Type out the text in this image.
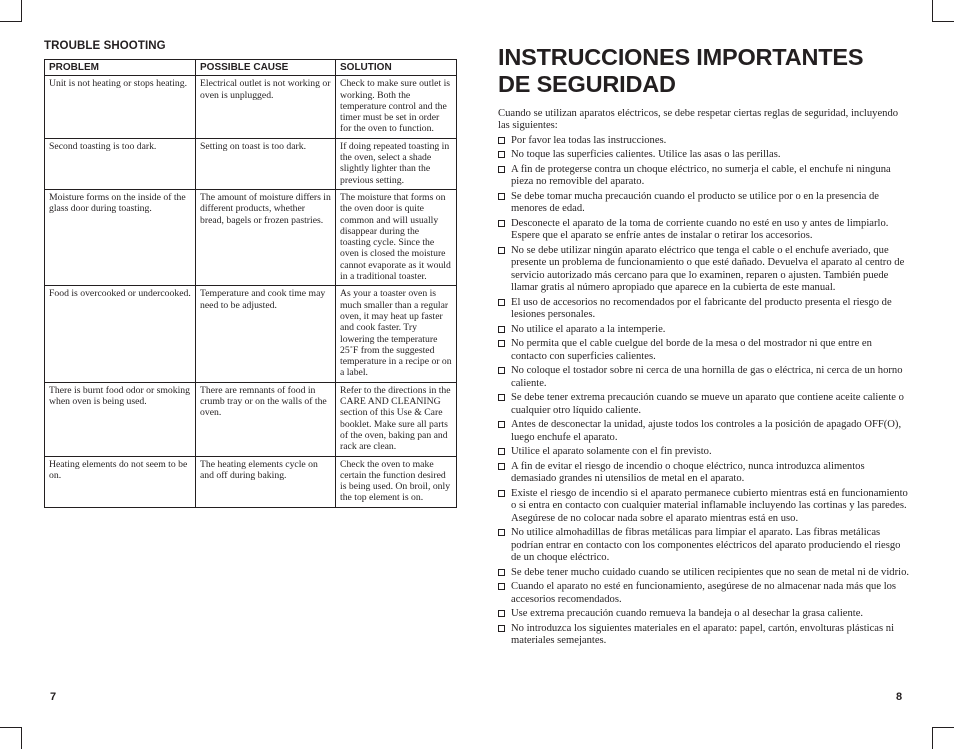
TROUBLE SHOOTING
PROBLEM	POSSIBLE CAUSE	SOLUTION
Unit is not heating or stops heating.	Electrical outlet is not working or oven is unplugged.	Check to make sure outlet is working. Both the temperature control and the timer must be set in order for the oven to function.
Second toasting is too dark.	Setting on toast is too dark.	If doing repeated toasting in the oven, select a shade slightly lighter than the previous setting.
Moisture forms on the inside of the glass door during toasting.	The amount of moisture differs in different products, whether bread, bagels or frozen pastries.	The moisture that forms on the oven door is quite common and will usually disappear during the toasting cycle. Since the oven is closed the moisture cannot evaporate as it would in a traditional toaster.
Food is overcooked or undercooked.	Temperature and cook time may need to be adjusted.	As your a toaster oven is much smaller than a regular oven, it may heat up faster and cook faster. Try lowering the temperature 25˚F from the suggested temperature in a recipe or on a label.
There is burnt food odor or smoking when oven is being used.	There are remnants of food in crumb tray or on the walls of the oven.	Refer to the directions in the CARE AND CLEANING section of this Use & Care booklet. Make sure all parts of the oven, baking pan and rack are clean.
Heating elements do not seem to be on.	The heating elements cycle on and off during baking.	Check the oven to make certain the function desired is being used. On broil, only the top element is on.
7
INSTRUCCIONES IMPORTANTES
DE SEGURIDAD

Cuando se utilizan aparatos eléctricos, se debe respetar ciertas reglas de seguridad, incluyendo las siguientes:

Por favor lea todas las instrucciones.
No toque las superficies calientes. Utilice las asas o las perillas.
A fin de protegerse contra un choque eléctrico, no sumerja el cable, el enchufe ni ninguna pieza no removible del aparato.
Se debe tomar mucha precaución cuando el producto se utilice por o en la presencia de menores de edad.
Desconecte el aparato de la toma de corriente cuando no esté en uso y antes de limpiarlo. Espere que el aparato se enfríe antes de instalar o retirar los accesorios.
No se debe utilizar ningún aparato eléctrico que tenga el cable o el enchufe averiado, que presente un problema de funcionamiento o que esté dañado. Devuelva el aparato al centro de servicio autorizado más cercano para que lo examinen, reparen o ajusten. También puede llamar gratis al número apropiado que aparece en la cubierta de este manual.
El uso de accesorios no recomendados por el fabricante del producto presenta el riesgo de lesiones personales.
No utilice el aparato a la intemperie.
No permita que el cable cuelgue del borde de la mesa o del mostrador ni que entre en contacto con superficies calientes.
No coloque el tostador sobre ni cerca de una hornilla de gas o eléctrica, ni cerca de un horno caliente.
Se debe tener extrema precaución cuando se mueve un aparato que contiene aceite caliente o cualquier otro líquido caliente.
Antes de desconectar la unidad, ajuste todos los controles a la posición de apagado OFF(O), luego enchufe el aparato.
Utilice el aparato solamente con el fin previsto.
A fin de evitar el riesgo de incendio o choque eléctrico, nunca introduzca alimentos demasiado grandes ni utensilios de metal en el aparato.
Existe el riesgo de incendio si el aparato permanece cubierto mientras está en funcionamiento o si entra en contacto con cualquier material inflamable incluyendo las cortinas y las paredes. Asegúrese de no colocar nada sobre el aparato mientras está en uso.
No utilice almohadillas de fibras metálicas para limpiar el aparato. Las fibras metálicas podrían entrar en contacto con los componentes eléctricos del aparato produciendo el riesgo de un choque eléctrico.
Se debe tener mucho cuidado cuando se utilicen recipientes que no sean de metal ni de vidrio.
Cuando el aparato no esté en funcionamiento, asegúrese de no almacenar nada más que los accesorios recomendados.
Use extrema precaución cuando remueva la bandeja o al desechar la grasa caliente.
No introduzca los siguientes materiales en el aparato: papel, cartón, envolturas plásticas ni materiales semejantes.
8
